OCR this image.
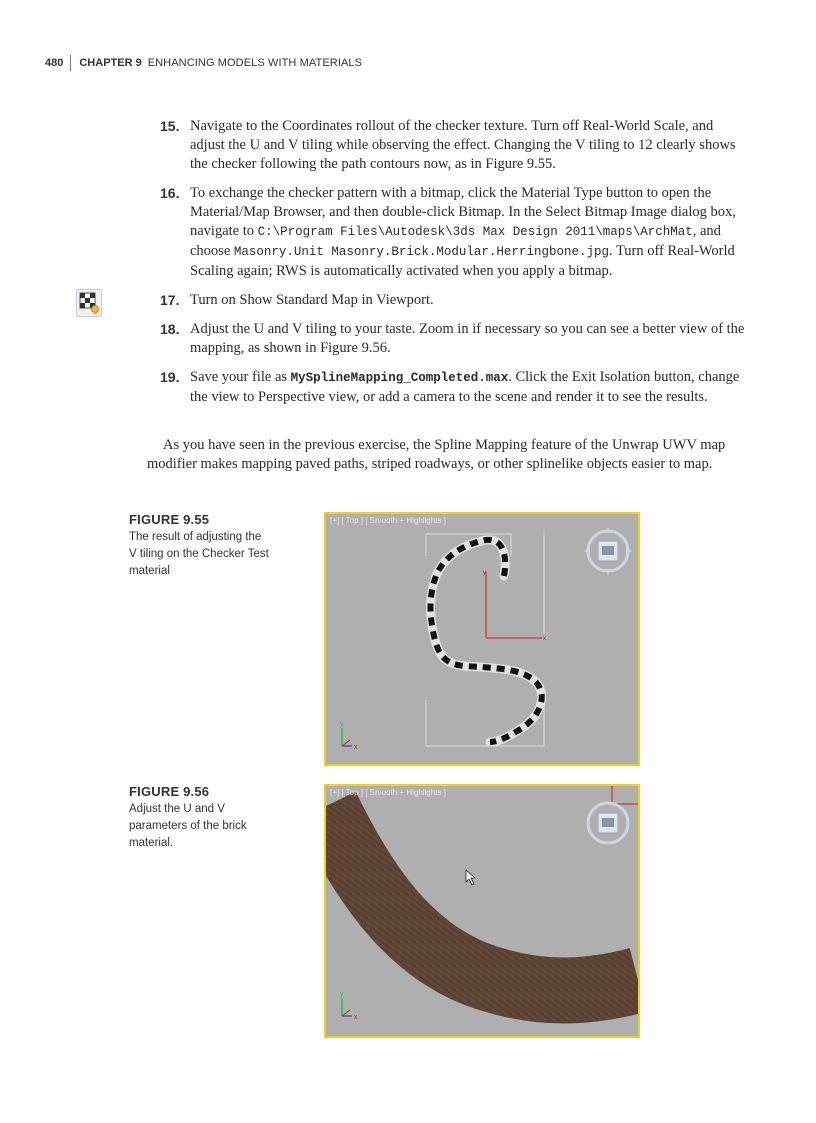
480 CHAPTER 9 ENHANCING MODELS WITH MATERIALS
15. Navigate to the Coordinates rollout of the checker texture. Turn off Real-World Scale, and adjust the U and V tiling while observing the effect. Changing the V tiling to 12 clearly shows the checker following the path contours now, as in Figure 9.55.
16. To exchange the checker pattern with a bitmap, click the Material Type button to open the Material/Map Browser, and then double-click Bitmap. In the Select Bitmap Image dialog box, navigate to C:\Program Files\Autodesk\3ds Max Design 2011\maps\ArchMat, and choose Masonry.Unit Masonry.Brick.Modular.Herringbone.jpg. Turn off Real-World Scaling again; RWS is automatically activated when you apply a bitmap.
17. Turn on Show Standard Map in Viewport.
18. Adjust the U and V tiling to your taste. Zoom in if necessary so you can see a better view of the mapping, as shown in Figure 9.56.
19. Save your file as MySplineMapping_Completed.max. Click the Exit Isolation button, change the view to Perspective view, or add a camera to the scene and render it to see the results.
As you have seen in the previous exercise, the Spline Mapping feature of the Unwrap UWV map modifier makes mapping paved paths, striped roadways, or other splinelike objects easier to map.
FIGURE 9.55
The result of adjusting the V tiling on the Checker Test material	y
x
y
x
[+] [ Top ] [ Smooth + Highlights ]
FIGURE 9.56
Adjust the U and V parameters of the brick material.
y
x
[+] [ Top ] [ Smooth + Highlights ]
